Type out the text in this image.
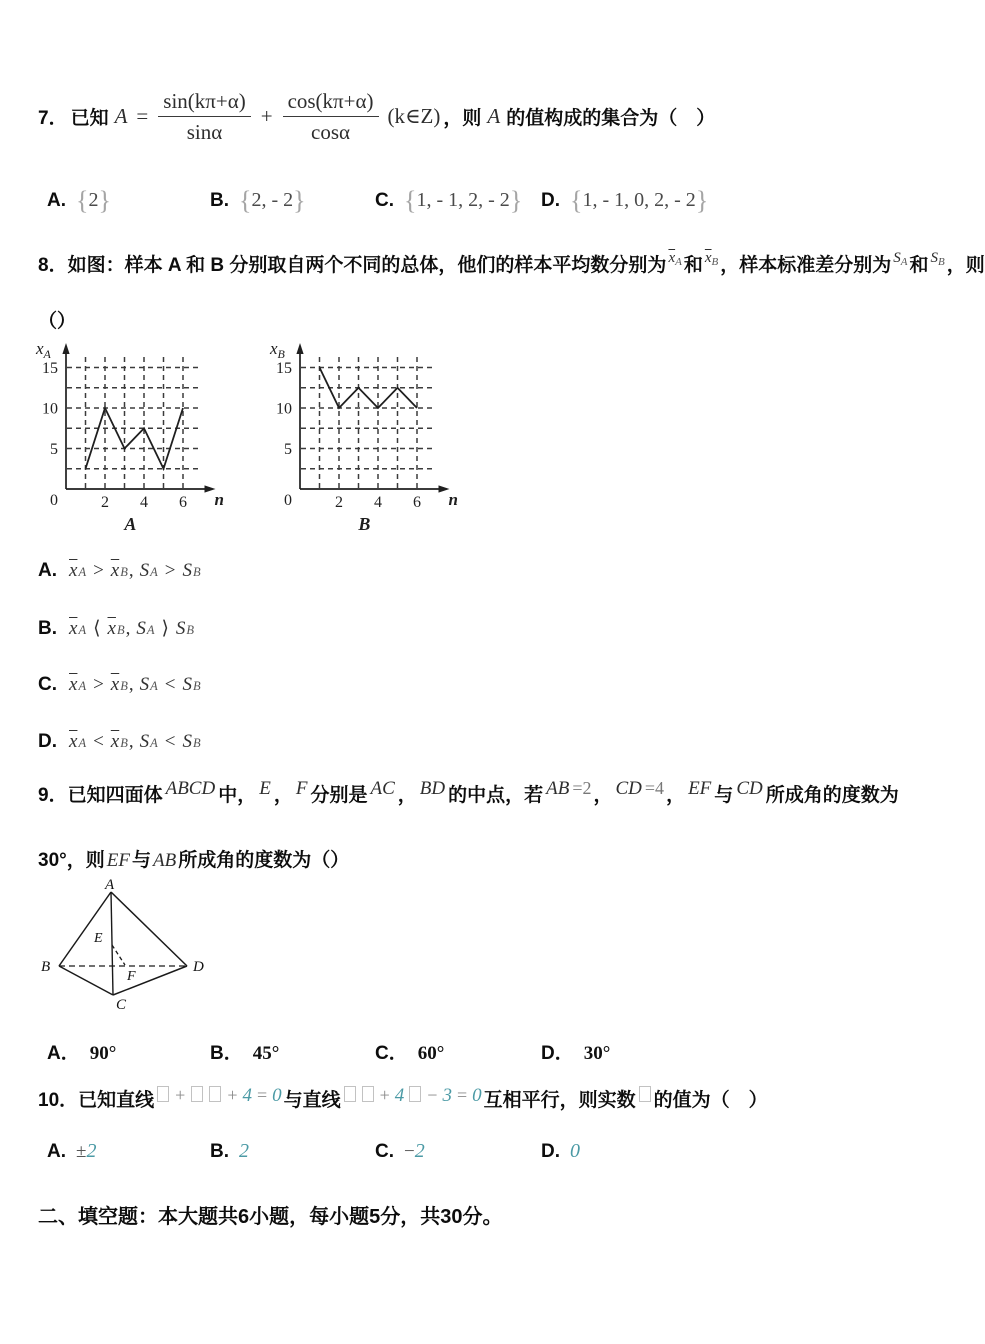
7． 已知 $A = \frac{\sin(k\pi+\alpha)}{\sin\alpha} + \frac{\cos(k\pi+\alpha)}{\cos\alpha}$ (k∈Z) ，则 A 的值构成的集合为（　）
A. {2}	B. {2, - 2}	C. {1, - 1, 2, - 2} D. {1, - 1, 0, 2, - 2}
8．如图：样本 A 和 B 分别取自两个不同的总体，他们的样本平均数分别为 $\overline{x}_A$ 和 $\overline{x}_B$ ，样本标准差分别为 $S_A$ 和 $S_B$ ，则
（）
2 4 6
5
10
15
0
$x_A$
n
A
2 4 6
5
10
15
0
$x_B$
n
B
A. $\overline{x}$ $A > \overline{x}$ B , S A > S B
B. $\overline{x}$ A ⟨ $\overline{x}$ B , S A ⟩ S B
C. $\overline{x}$ $A > \overline{x}$ B , S A < S B
D. $\overline{x}$ $A < \overline{x}$ B , S A < S B
9．已知四面体 ABCD 中， E ， F 分别是 AC ， BD 的中点，若 AB =2 ， CD =4 ， EF 与 CD 所成角的度数为
30°，则 EF 与 AB 所成角的度数为（）
A
B
C
D
E
F
A． 90°	B． 45°	C． 60°	D． 30°
10．已知直线 + + 4 = 0 与直线 + 4 − 3 = 0 互相平行，则实数 的值为（　）
A. ±2	B. 2	C. −2	D. 0
二、填空题：本大题共6小题，每小题5分，共30分。
